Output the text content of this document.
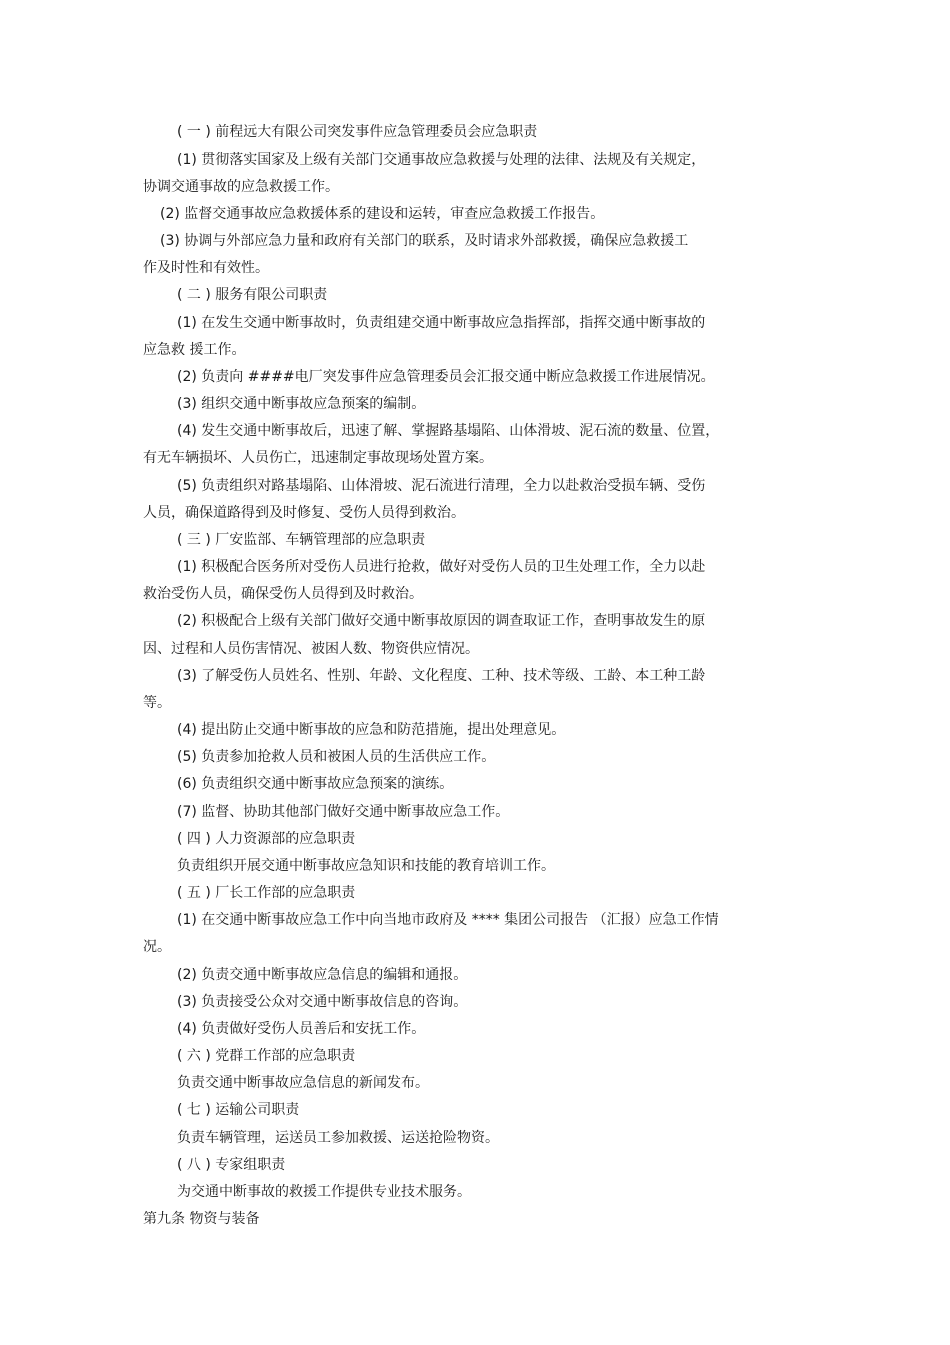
( 一 ) 前程远大有限公司突发事件应急管理委员会应急职责

(1) 贯彻落实国家及上级有关部门交通事故应急救援与处理的法律、法规及有关规定，

协调交通事故的应急救援工作。

(2) 监督交通事故应急救援体系的建设和运转，审查应急救援工作报告。

(3) 协调与外部应急力量和政府有关部门的联系，及时请求外部救援，确保应急救援工

作及时性和有效性。

( 二 ) 服务有限公司职责

(1) 在发生交通中断事故时，负责组建交通中断事故应急指挥部，指挥交通中断事故的

应急救 援工作。

(2) 负责向 ####电厂突发事件应急管理委员会汇报交通中断应急救援工作进展情况。

(3) 组织交通中断事故应急预案的编制。

(4) 发生交通中断事故后，迅速了解、掌握路基塌陷、山体滑坡、泥石流的数量、位置，

有无车辆损坏、人员伤亡，迅速制定事故现场处置方案。

(5) 负责组织对路基塌陷、山体滑坡、泥石流进行清理，全力以赴救治受损车辆、受伤

人员，确保道路得到及时修复、受伤人员得到救治。

( 三 ) 厂安监部、车辆管理部的应急职责

(1) 积极配合医务所对受伤人员进行抢救，做好对受伤人员的卫生处理工作，全力以赴

救治受伤人员，确保受伤人员得到及时救治。

(2) 积极配合上级有关部门做好交通中断事故原因的调查取证工作，查明事故发生的原

因、过程和人员伤害情况、被困人数、物资供应情况。

(3) 了解受伤人员姓名、性别、年龄、文化程度、工种、技术等级、工龄、本工种工龄

等。

(4) 提出防止交通中断事故的应急和防范措施，提出处理意见。

(5) 负责参加抢救人员和被困人员的生活供应工作。

(6) 负责组织交通中断事故应急预案的演练。

(7) 监督、协助其他部门做好交通中断事故应急工作。

( 四 ) 人力资源部的应急职责

负责组织开展交通中断事故应急知识和技能的教育培训工作。

( 五 ) 厂长工作部的应急职责

(1) 在交通中断事故应急工作中向当地市政府及 **** 集团公司报告 （汇报）应急工作情

况。

(2) 负责交通中断事故应急信息的编辑和通报。

(3) 负责接受公众对交通中断事故信息的咨询。

(4) 负责做好受伤人员善后和安抚工作。

( 六 ) 党群工作部的应急职责

负责交通中断事故应急信息的新闻发布。

( 七 ) 运输公司职责

负责车辆管理，运送员工参加救援、运送抢险物资。

( 八 ) 专家组职责

为交通中断事故的救援工作提供专业技术服务。

第九条 物资与装备
